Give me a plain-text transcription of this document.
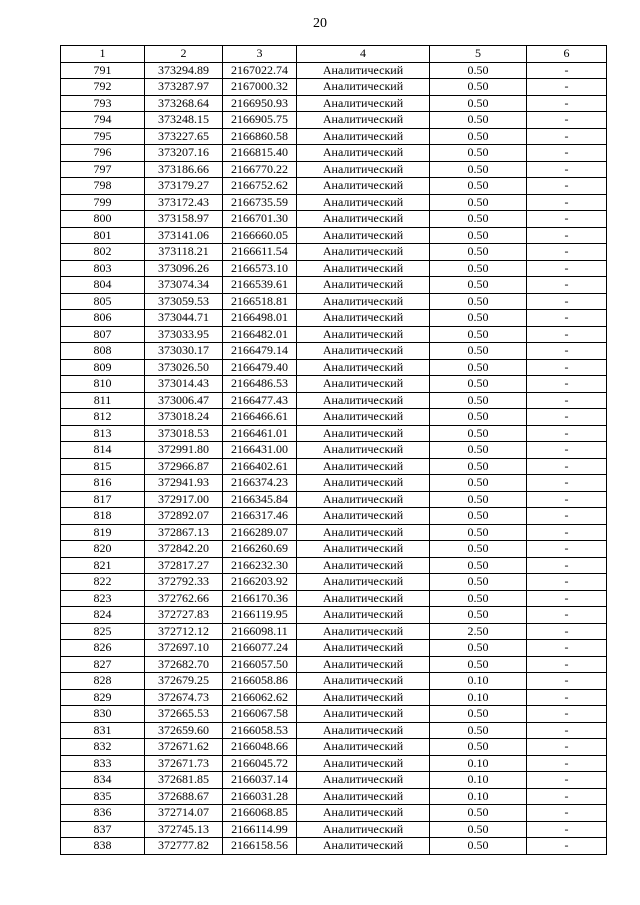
20
1	2	3	4	5	6
791	373294.89	2167022.74	Аналитический	0.50	-
792	373287.97	2167000.32	Аналитический	0.50	-
793	373268.64	2166950.93	Аналитический	0.50	-
794	373248.15	2166905.75	Аналитический	0.50	-
795	373227.65	2166860.58	Аналитический	0.50	-
796	373207.16	2166815.40	Аналитический	0.50	-
797	373186.66	2166770.22	Аналитический	0.50	-
798	373179.27	2166752.62	Аналитический	0.50	-
799	373172.43	2166735.59	Аналитический	0.50	-
800	373158.97	2166701.30	Аналитический	0.50	-
801	373141.06	2166660.05	Аналитический	0.50	-
802	373118.21	2166611.54	Аналитический	0.50	-
803	373096.26	2166573.10	Аналитический	0.50	-
804	373074.34	2166539.61	Аналитический	0.50	-
805	373059.53	2166518.81	Аналитический	0.50	-
806	373044.71	2166498.01	Аналитический	0.50	-
807	373033.95	2166482.01	Аналитический	0.50	-
808	373030.17	2166479.14	Аналитический	0.50	-
809	373026.50	2166479.40	Аналитический	0.50	-
810	373014.43	2166486.53	Аналитический	0.50	-
811	373006.47	2166477.43	Аналитический	0.50	-
812	373018.24	2166466.61	Аналитический	0.50	-
813	373018.53	2166461.01	Аналитический	0.50	-
814	372991.80	2166431.00	Аналитический	0.50	-
815	372966.87	2166402.61	Аналитический	0.50	-
816	372941.93	2166374.23	Аналитический	0.50	-
817	372917.00	2166345.84	Аналитический	0.50	-
818	372892.07	2166317.46	Аналитический	0.50	-
819	372867.13	2166289.07	Аналитический	0.50	-
820	372842.20	2166260.69	Аналитический	0.50	-
821	372817.27	2166232.30	Аналитический	0.50	-
822	372792.33	2166203.92	Аналитический	0.50	-
823	372762.66	2166170.36	Аналитический	0.50	-
824	372727.83	2166119.95	Аналитический	0.50	-
825	372712.12	2166098.11	Аналитический	2.50	-
826	372697.10	2166077.24	Аналитический	0.50	-
827	372682.70	2166057.50	Аналитический	0.50	-
828	372679.25	2166058.86	Аналитический	0.10	-
829	372674.73	2166062.62	Аналитический	0.10	-
830	372665.53	2166067.58	Аналитический	0.50	-
831	372659.60	2166058.53	Аналитический	0.50	-
832	372671.62	2166048.66	Аналитический	0.50	-
833	372671.73	2166045.72	Аналитический	0.10	-
834	372681.85	2166037.14	Аналитический	0.10	-
835	372688.67	2166031.28	Аналитический	0.10	-
836	372714.07	2166068.85	Аналитический	0.50	-
837	372745.13	2166114.99	Аналитический	0.50	-
838	372777.82	2166158.56	Аналитический	0.50	-
